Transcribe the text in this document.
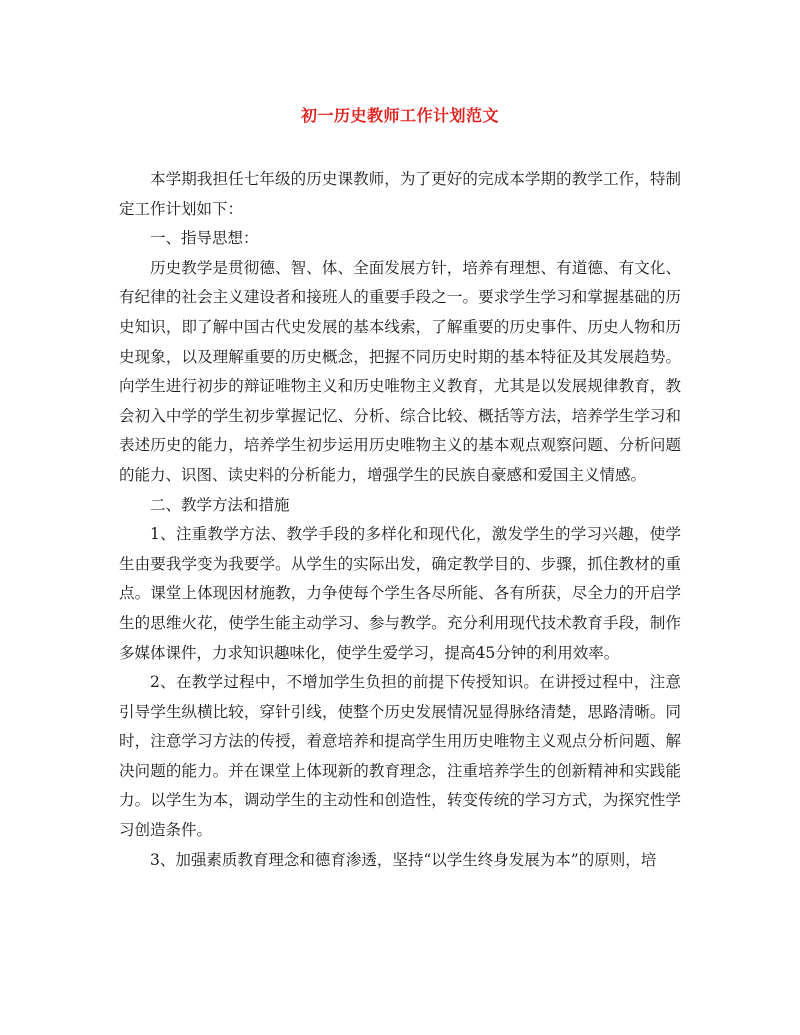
初一历史教师工作计划范文

本学期我担任七年级的历史课教师，为了更好的完成本学期的教学工作，特制定工作计划如下：

一、指导思想：

历史教学是贯彻德、智、体、全面发展方针，培养有理想、有道德、有文化、有纪律的社会主义建设者和接班人的重要手段之一。要求学生学习和掌握基础的历史知识，即了解中国古代史发展的基本线索，了解重要的历史事件、历史人物和历史现象，以及理解重要的历史概念，把握不同历史时期的基本特征及其发展趋势。向学生进行初步的辩证唯物主义和历史唯物主义教育，尤其是以发展规律教育，教会初入中学的学生初步掌握记忆、分析、综合比较、概括等方法，培养学生学习和表述历史的能力，培养学生初步运用历史唯物主义的基本观点观察问题、分析问题的能力、识图、读史料的分析能力，增强学生的民族自豪感和爱国主义情感。

二、教学方法和措施

1、注重教学方法、教学手段的多样化和现代化，激发学生的学习兴趣，使学生由要我学变为我要学。从学生的实际出发，确定教学目的、步骤，抓住教材的重点。课堂上体现因材施教，力争使每个学生各尽所能、各有所获，尽全力的开启学生的思维火花，使学生能主动学习、参与教学。充分利用现代技术教育手段，制作多媒体课件，力求知识趣味化，使学生爱学习，提高45分钟的利用效率。

2、在教学过程中，不增加学生负担的前提下传授知识。在讲授过程中，注意引导学生纵横比较，穿针引线，使整个历史发展情况显得脉络清楚，思路清晰。同时，注意学习方法的传授，着意培养和提高学生用历史唯物主义观点分析问题、解决问题的能力。并在课堂上体现新的教育理念，注重培养学生的创新精神和实践能力。以学生为本，调动学生的主动性和创造性，转变传统的学习方式，为探究性学习创造条件。

3、加强素质教育理念和德育渗透，坚持“以学生终身发展为本”的原则，培
